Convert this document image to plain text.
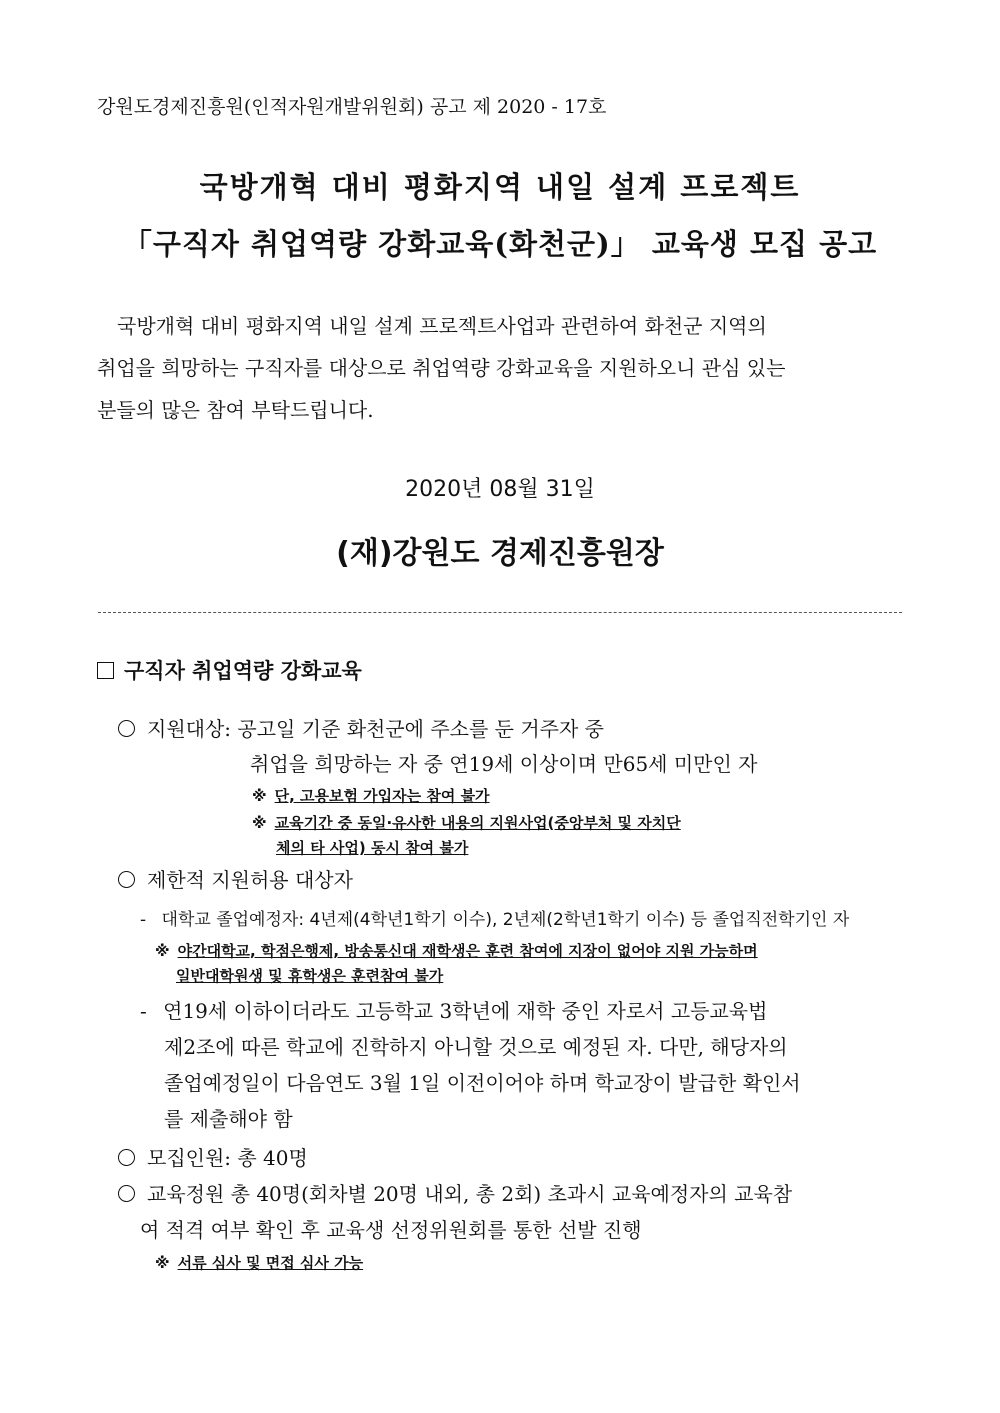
강원도경제진흥원(인적자원개발위원회) 공고 제 2020 - 17호
국방개혁 대비 평화지역 내일 설계 프로젝트
「구직자 취업역량 강화교육(화천군)」 교육생 모집 공고
국방개혁 대비 평화지역 내일 설계 프로젝트사업과 관련하여 화천군 지역의
취업을 희망하는 구직자를 대상으로 취업역량 강화교육을 지원하오니 관심 있는
분들의 많은 참여 부탁드립니다.
2020년 08월 31일
(재)강원도 경제진흥원장
구직자 취업역량 강화교육
지원대상: 공고일 기준 화천군에 주소를 둔 거주자 중
취업을 희망하는 자 중 연19세 이상이며 만65세 미만인 자
※ 단, 고용보험 가입자는 참여 불가
※ 교육기간 중 동일·유사한 내용의 지원사업(중앙부처 및 자치단
체의 타 사업) 동시 참여 불가
제한적 지원허용 대상자
- 대학교 졸업예정자: 4년제(4학년1학기 이수), 2년제(2학년1학기 이수) 등 졸업직전학기인 자
※ 야간대학교, 학점은행제, 방송통신대 재학생은 훈련 참여에 지장이 없어야 지원 가능하며
일반대학원생 및 휴학생은 훈련참여 불가
- 연19세 이하이더라도 고등학교 3학년에 재학 중인 자로서 고등교육법
제2조에 따른 학교에 진학하지 아니할 것으로 예정된 자. 다만, 해당자의
졸업예정일이 다음연도 3월 1일 이전이어야 하며 학교장이 발급한 확인서
를 제출해야 함
모집인원: 총 40명
교육정원 총 40명(회차별 20명 내외, 총 2회) 초과시 교육예정자의 교육참
여 적격 여부 확인 후 교육생 선정위원회를 통한 선발 진행
※ 서류 심사 및 면접 심사 가능
